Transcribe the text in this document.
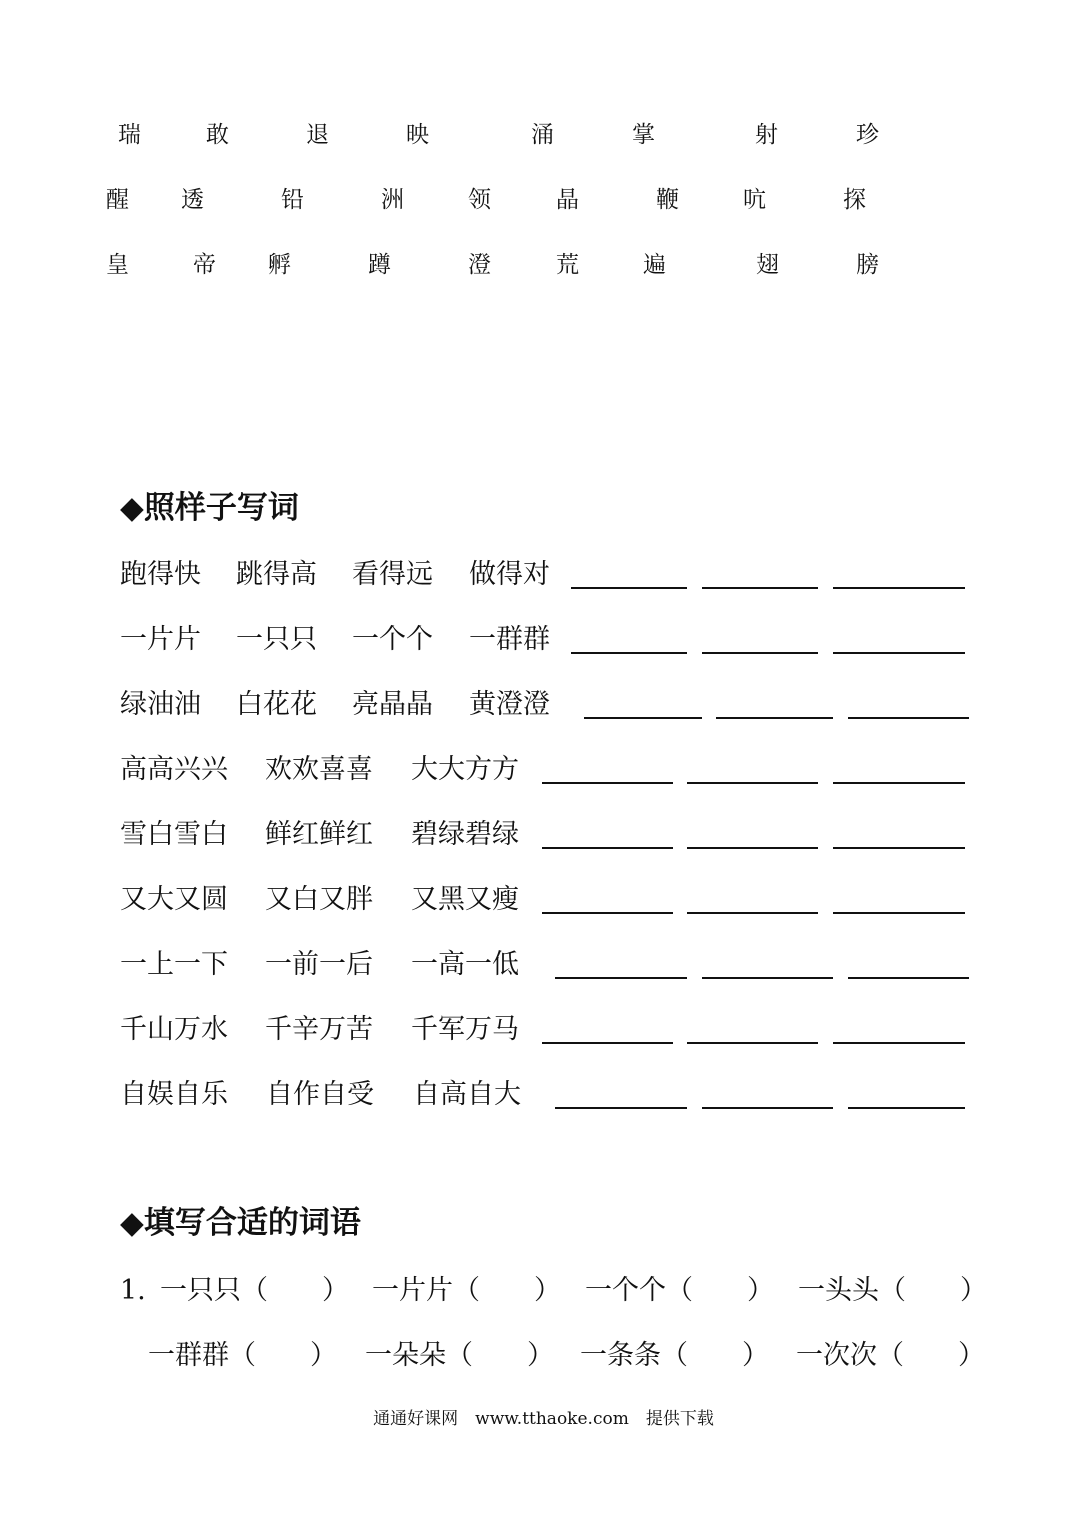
瑞	敢	退	映	涌	掌	射	珍
醒 透	铅	洲	领	晶	鞭	吭	探
皇	帝 孵	蹲	澄	荒	遍	翅	膀
◆照样子写词
跑得快 跳得高 看得远 做得对
一片片 一只只 一个个 一群群
绿油油 白花花 亮晶晶 黄澄澄
高高兴兴 欢欢喜喜 大大方方
雪白雪白 鲜红鲜红 碧绿碧绿
又大又圆 又白又胖 又黑又瘦
一上一下 一前一后 一高一低
千山万水 千辛万苦 千军万马
自娱自乐 自作自受 自高自大
◆填写合适的词语
1. 一只只（　　） 一片片（　　） 一个个（　　） 一头头（　　）
一群群（　　） 一朵朵（　　） 一条条（　　） 一次次（　　）
通通好课网　www.tthaoke.com　提供下载
